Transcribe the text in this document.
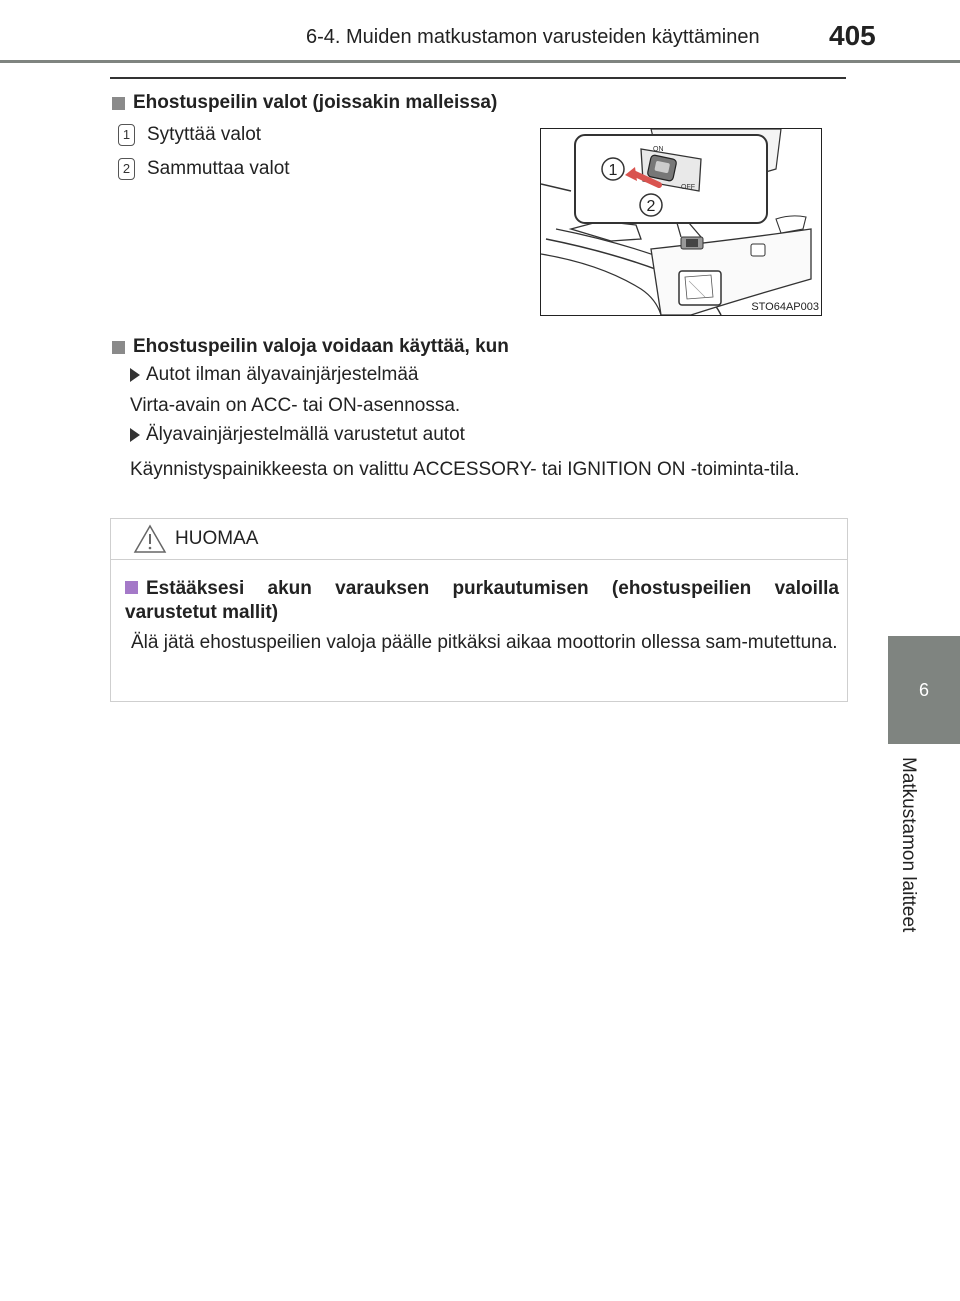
6-4. Muiden matkustamon varusteiden käyttäminen 405
6
Matkustamon laitteet
Ehostuspeilin valot (joissakin malleissa)
1 Sytyttää valot
2 Sammuttaa valot
ON
OFF
1
2
STO64AP003
Ehostuspeilin valoja voidaan käyttää, kun
Autot ilman älyavainjärjestelmää
Virta-avain on ACC- tai ON-asennossa.
Älyavainjärjestelmällä varustetut autot
Käynnistyspainikkeesta on valittu ACCESSORY- tai IGNITION ON -toiminta-tila.
HUOMAA
Estääksesi akun varauksen purkautumisen (ehostuspeilien valoilla varustetut mallit)
Älä jätä ehostuspeilien valoja päälle pitkäksi aikaa moottorin ollessa sam-mutettuna.
